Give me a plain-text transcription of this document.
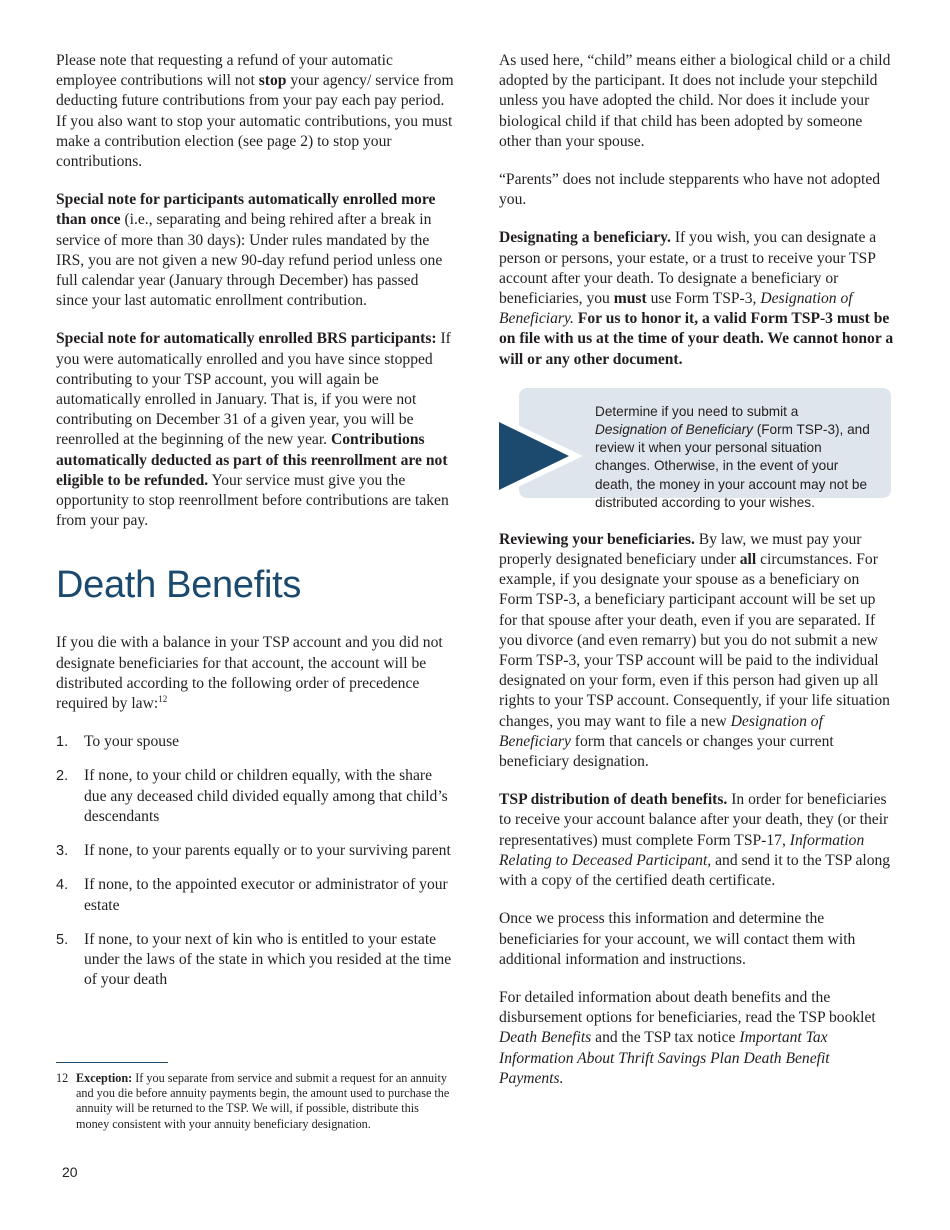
Please note that requesting a refund of your automatic employee contributions will not stop your agency/ service from deducting future contributions from your pay each pay period. If you also want to stop your automatic contributions, you must make a contribution election (see page 2) to stop your contributions.

Special note for participants automatically enrolled more than once (i.e., separating and being rehired after a break in service of more than 30 days): Under rules mandated by the IRS, you are not given a new 90-day refund period unless one full calendar year (January through December) has passed since your last automatic enrollment contribution.

Special note for automatically enrolled BRS participants: If you were automatically enrolled and you have since stopped contributing to your TSP account, you will again be automatically enrolled in January. That is, if you were not contributing on December 31 of a given year, you will be reenrolled at the beginning of the new year. Contributions automatically deducted as part of this reenrollment are not eligible to be refunded. Your service must give you the opportunity to stop reenrollment before contributions are taken from your pay.

Death Benefits

If you die with a balance in your TSP account and you did not designate beneficiaries for that account, the account will be distributed according to the following order of precedence required by law:$^{12}$

1. To your spouse
2. If none, to your child or children equally, with the share due any deceased child divided equally among that child’s descendants
3. If none, to your parents equally or to your surviving parent
4. If none, to the appointed executor or administrator of your estate
5. If none, to your next of kin who is entitled to your estate under the laws of the state in which you resided at the time of your death
12 Exception: If you separate from service and submit a request for an annuity and you die before annuity payments begin, the amount used to purchase the annuity will be returned to the TSP. We will, if possible, distribute this money consistent with your annuity beneficiary designation.
20

As used here, “child” means either a biological child or a child adopted by the participant. It does not include your stepchild unless you have adopted the child. Nor does it include your biological child if that child has been adopted by someone other than your spouse.

“Parents” does not include stepparents who have not adopted you.

Designating a beneficiary. If you wish, you can designate a person or persons, your estate, or a trust to receive your TSP account after your death. To designate a beneficiary or beneficiaries, you must use Form TSP-3, Designation of Beneficiary. For us to honor it, a valid Form TSP-3 must be on file with us at the time of your death. We cannot honor a will or any other document.

Determine if you need to submit a Designation of Beneficiary (Form TSP-3), and review it when your personal situation changes. Otherwise, in the event of your death, the money in your account may not be distributed according to your wishes.

Reviewing your beneficiaries. By law, we must pay your properly designated beneficiary under all circumstances. For example, if you designate your spouse as a beneficiary on Form TSP-3, a beneficiary participant account will be set up for that spouse after your death, even if you are separated. If you divorce (and even remarry) but you do not submit a new Form TSP-3, your TSP account will be paid to the individual designated on your form, even if this person had given up all rights to your TSP account. Consequently, if your life situation changes, you may want to file a new Designation of Beneficiary form that cancels or changes your current beneficiary designation.

TSP distribution of death benefits. In order for beneficiaries to receive your account balance after your death, they (or their representatives) must complete Form TSP-17, Information Relating to Deceased Participant, and send it to the TSP along with a copy of the certified death certificate.

Once we process this information and determine the beneficiaries for your account, we will contact them with additional information and instructions.

For detailed information about death benefits and the disbursement options for beneficiaries, read the TSP booklet Death Benefits and the TSP tax notice Important Tax Information About Thrift Savings Plan Death Benefit Payments.
